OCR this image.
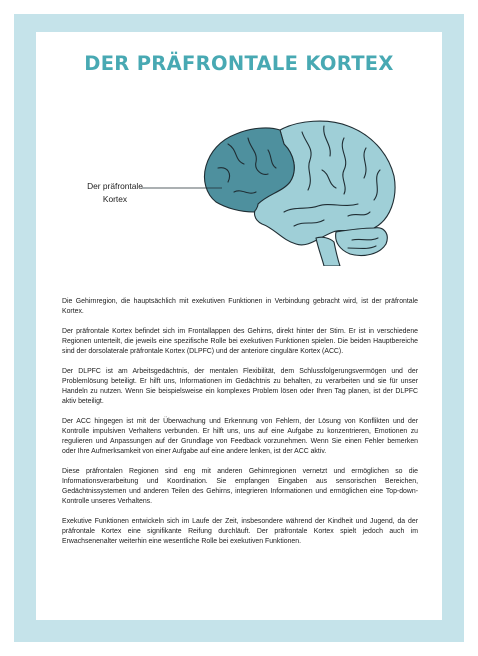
DER PRÄFRONTALE KORTEX
Der präfrontale
Kortex

Die Gehirnregion, die hauptsächlich mit exekutiven Funktionen in Verbindung gebracht wird, ist der präfrontale Kortex.

Der präfrontale Kortex befindet sich im Frontallappen des Gehirns, direkt hinter der Stirn. Er ist in verschiedene Regionen unterteilt, die jeweils eine spezifische Rolle bei exekutiven Funktionen spielen. Die beiden Hauptbereiche sind der dorsolaterale präfrontale Kortex (DLPFC) und der anteriore cinguläre Kortex (ACC).

Der DLPFC ist am Arbeitsgedächtnis, der mentalen Flexibilität, dem Schlussfolgerungsvermögen und der Problemlösung beteiligt. Er hilft uns, Informationen im Gedächtnis zu behalten, zu verarbeiten und sie für unser Handeln zu nutzen. Wenn Sie beispielsweise ein komplexes Problem lösen oder Ihren Tag planen, ist der DLPFC aktiv beteiligt.

Der ACC hingegen ist mit der Überwachung und Erkennung von Fehlern, der Lösung von Konflikten und der Kontrolle impulsiven Verhaltens verbunden. Er hilft uns, uns auf eine Aufgabe zu konzentrieren, Emotionen zu regulieren und Anpassungen auf der Grundlage von Feedback vorzunehmen. Wenn Sie einen Fehler bemerken oder Ihre Aufmerksamkeit von einer Aufgabe auf eine andere lenken, ist der ACC aktiv.

Diese präfrontalen Regionen sind eng mit anderen Gehirnregionen vernetzt und ermöglichen so die Informationsverarbeitung und Koordination. Sie empfangen Eingaben aus sensorischen Bereichen, Gedächtnissystemen und anderen Teilen des Gehirns, integrieren Informationen und ermöglichen eine Top-down-Kontrolle unseres Verhaltens.

Exekutive Funktionen entwickeln sich im Laufe der Zeit, insbesondere während der Kindheit und Jugend, da der präfrontale Kortex eine signifikante Reifung durchläuft. Der präfrontale Kortex spielt jedoch auch im Erwachsenenalter weiterhin eine wesentliche Rolle bei exekutiven Funktionen.
